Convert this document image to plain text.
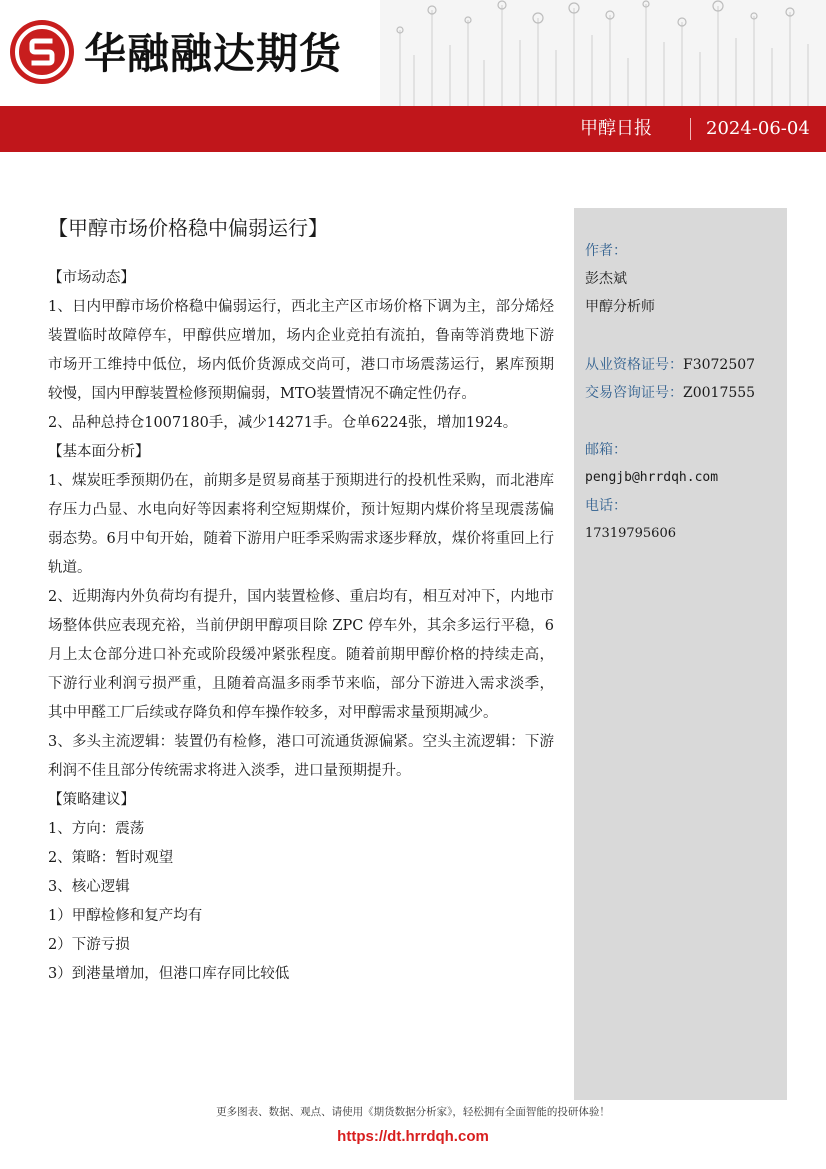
华融融达期货
甲醇日报	2024-06-04
【甲醇市场价格稳中偏弱运行】

【市场动态】

1、日内甲醇市场价格稳中偏弱运行，西北主产区市场价格下调为主，部分烯烃装置临时故障停车，甲醇供应增加，场内企业竞拍有流拍，鲁南等消费地下游市场开工维持中低位，场内低价货源成交尚可，港口市场震荡运行，累库预期较慢，国内甲醇装置检修预期偏弱，MTO装置情况不确定性仍存。

2、品种总持仓1007180手，减少14271手。仓单6224张，增加1924。

【基本面分析】

1、煤炭旺季预期仍在，前期多是贸易商基于预期进行的投机性采购，而北港库存压力凸显、水电向好等因素将利空短期煤价，预计短期内煤价将呈现震荡偏弱态势。6月中旬开始，随着下游用户旺季采购需求逐步释放，煤价将重回上行轨道。

2、近期海内外负荷均有提升，国内装置检修、重启均有，相互对冲下，内地市场整体供应表现充裕，当前伊朗甲醇项目除 ZPC 停车外，其余多运行平稳，6月上太仓部分进口补充或阶段缓冲紧张程度。随着前期甲醇价格的持续走高，下游行业利润亏损严重，且随着高温多雨季节来临，部分下游进入需求淡季，其中甲醛工厂后续或存降负和停车操作较多，对甲醇需求量预期减少。

3、多头主流逻辑：装置仍有检修，港口可流通货源偏紧。空头主流逻辑：下游利润不佳且部分传统需求将进入淡季，进口量预期提升。

【策略建议】

1、方向：震荡

2、策略：暂时观望

3、核心逻辑

1）甲醇检修和复产均有

2）下游亏损

3）到港量增加，但港口库存同比较低

作者：
彭杰斌
甲醇分析师
从业资格证号：F3072507
交易咨询证号：Z0017555
邮箱：
pengjb@hrrdqh.com
电话：
17319795606
更多图表、数据、观点、请使用《期货数据分析家》，轻松拥有全面智能的投研体验！
https://dt.hrrdqh.com
